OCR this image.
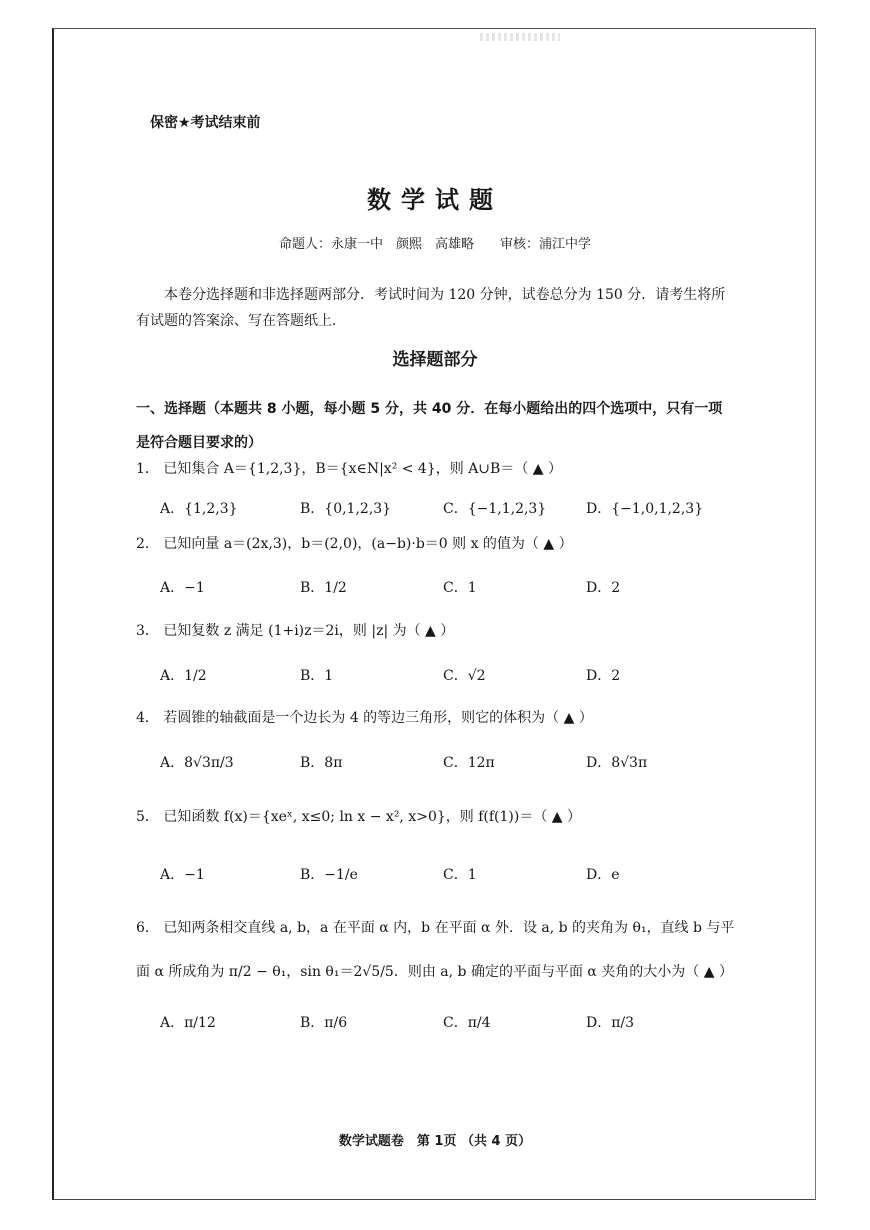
保密★考试结束前
数学试题
命题人：永康一中　颜熙　高雄略　　审核：浦江中学
本卷分选择题和非选择题两部分．考试时间为 120 分钟，试卷总分为 150 分．请考生将所有试题的答案涂、写在答题纸上．
选择题部分
一、选择题（本题共 8 小题，每小题 5 分，共 40 分．在每小题给出的四个选项中，只有一项是符合题目要求的）
1． 已知集合 A＝{1,2,3}，B＝{x∈N|x² < 4}，则 A∪B＝（ ▲ ）
A．{1,2,3}	B．{0,1,2,3}	C．{−1,1,2,3}	D．{−1,0,1,2,3}
2． 已知向量 a＝(2x,3)，b＝(2,0)，(a−b)·b＝0 则 x 的值为（ ▲ ）
A．−1	B．1/2	C．1	D．2
3． 已知复数 z 满足 (1+i)z＝2i，则 |z| 为（ ▲ ）
A．1/2	B．1	C．√2	D．2
4． 若圆锥的轴截面是一个边长为 4 的等边三角形，则它的体积为（ ▲ ）
A．8√3π/3	B．8π	C．12π	D．8√3π
5． 已知函数 f(x)＝{xeˣ, x≤0; ln x − x², x>0}，则 f(f(1))＝（ ▲ ）
A．−1	B．−1/e	C．1	D．e
6． 已知两条相交直线 a, b，a 在平面 α 内，b 在平面 α 外．设 a, b 的夹角为 θ₁，直线 b 与平面 α 所成角为 π/2 − θ₁，sin θ₁＝2√5/5．则由 a, b 确定的平面与平面 α 夹角的大小为（ ▲ ）
A．π/12	B．π/6	C．π/4	D．π/3
数学试题卷　第 1页 （共 4 页）
